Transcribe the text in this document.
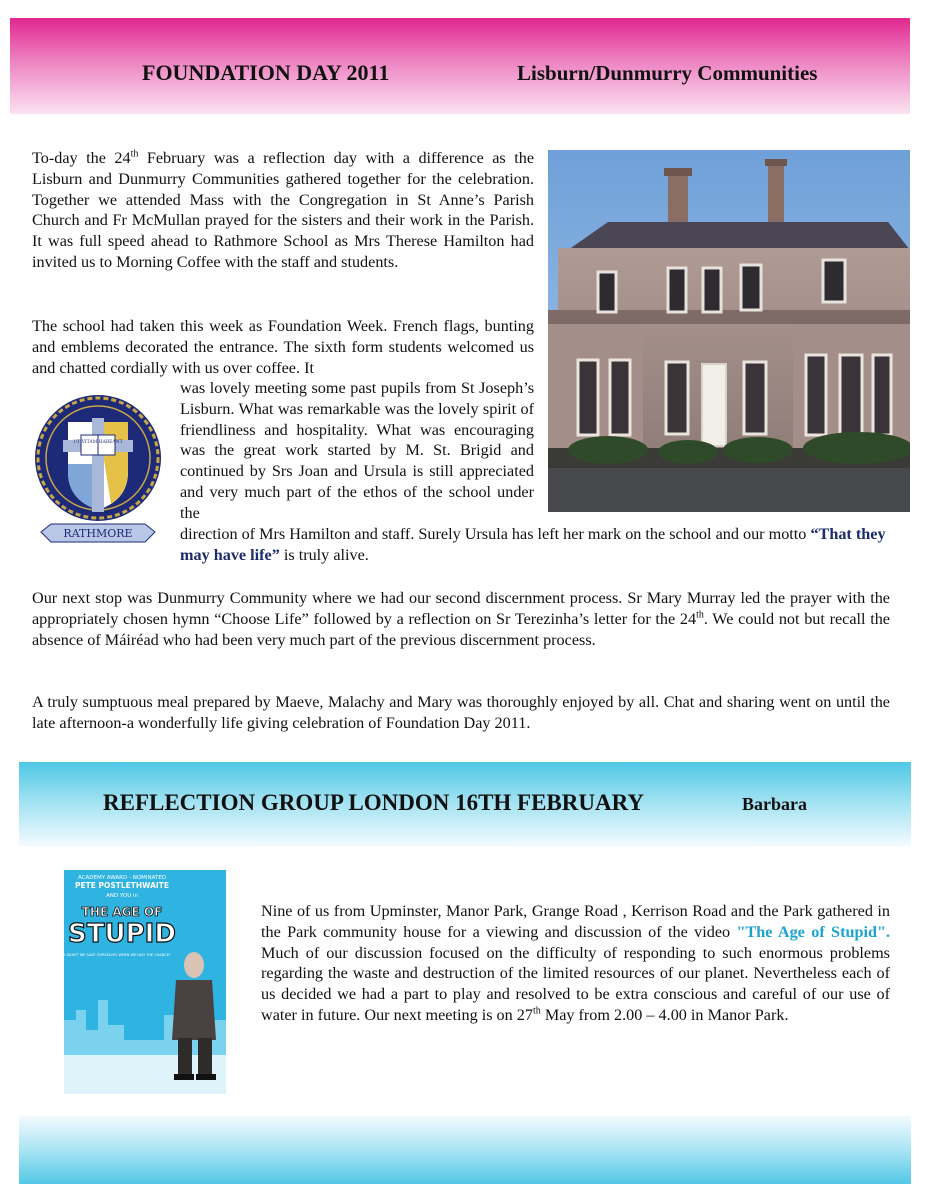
FOUNDATION DAY 2011	Lisburn/Dunmurry Communities

To-day the 24th February was a reflection day with a difference as the Lisburn and Dunmurry Communities gathered together for the celebration. Together we attended Mass with the Congregation in St Anne’s Parish Church and Fr McMullan prayed for the sisters and their work in the Parish. It was full speed ahead to Rathmore School as Mrs Therese Hamilton had invited us to Morning Coffee with the staff and students.

The school had taken this week as Foundation Week. French flags, bunting and emblems decorated the entrance. The sixth form students welcomed us and chatted cordially with us over coffee. It

was lovely meeting some past pupils from St Joseph’s Lisburn. What was remarkable was the lovely spirit of friendliness and hospitality. What was encouraging was the great work started by M. St. Brigid and continued by Srs Joan and Ursula is still appreciated and very much part of the ethos of the school under the

direction of Mrs Hamilton and staff. Surely Ursula has left her mark on the school and our motto “That they may have life” is truly alive.

UT VITAM HABEANT
RATHMORE

Our next stop was Dunmurry Community where we had our second discernment process. Sr Mary Murray led the prayer with the appropriately chosen hymn “Choose Life” followed by a reflection on Sr Terezinha’s letter for the 24th. We could not but recall the absence of Máiréad who had been very much part of the previous discernment process.

A truly sumptuous meal prepared by Maeve, Malachy and Mary was thoroughly enjoyed by all. Chat and sharing went on until the late afternoon-a wonderfully life giving celebration of Foundation Day 2011.

REFLECTION GROUP LONDON 16TH FEBRUARY	Barbara
ACADEMY AWARD - NOMINATED
PETE POSTLETHWAITE
AND YOU in
THE AGE OF
STUPID
WHY DIDN'T WE SAVE OURSELVES WHEN WE HAD THE CHANCE?

Nine of us from Upminster, Manor Park, Grange Road , Kerrison Road and the Park gathered in the Park community house for a viewing and discussion of the video "The Age of Stupid". Much of our discussion focused on the difficulty of responding to such enormous problems regarding the waste and destruction of the limited resources of our planet. Nevertheless each of us decided we had a part to play and resolved to be extra conscious and careful of our use of water in future. Our next meeting is on 27th May from 2.00 – 4.00 in Manor Park.
